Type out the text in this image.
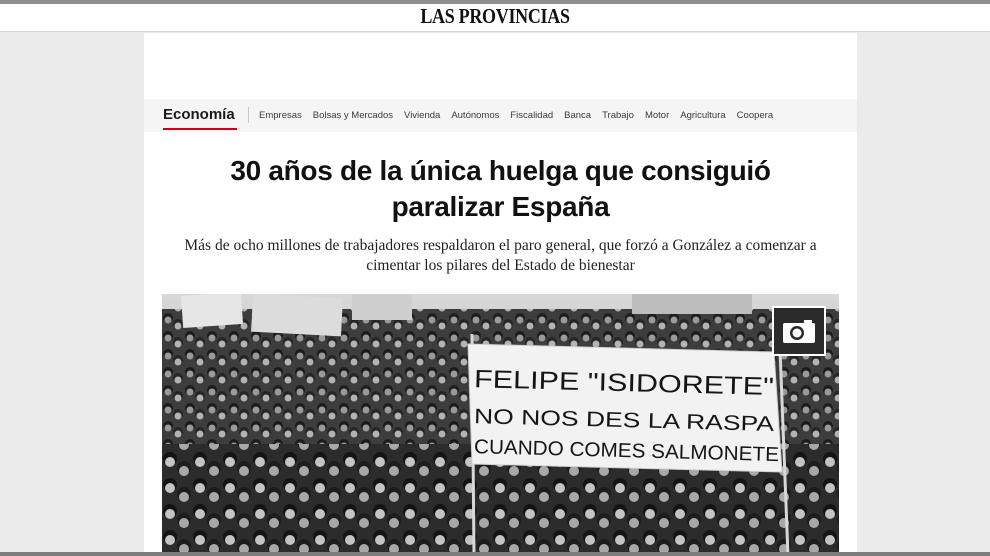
LAS PROVINCIAS
Economía	Empresas Bolsas y Mercados Vivienda Autónomos Fiscalidad Banca Trabajo Motor Agricultura Coopera
30 años de la única huelga que consiguió paralizar España

Más de ocho millones de trabajadores respaldaron el paro general, que forzó a González a comenzar a cimentar los pilares del Estado de bienestar

FELIPE "ISIDORETE"
NO NOS DES LA RASPA
CUANDO COMES SALMONETE
